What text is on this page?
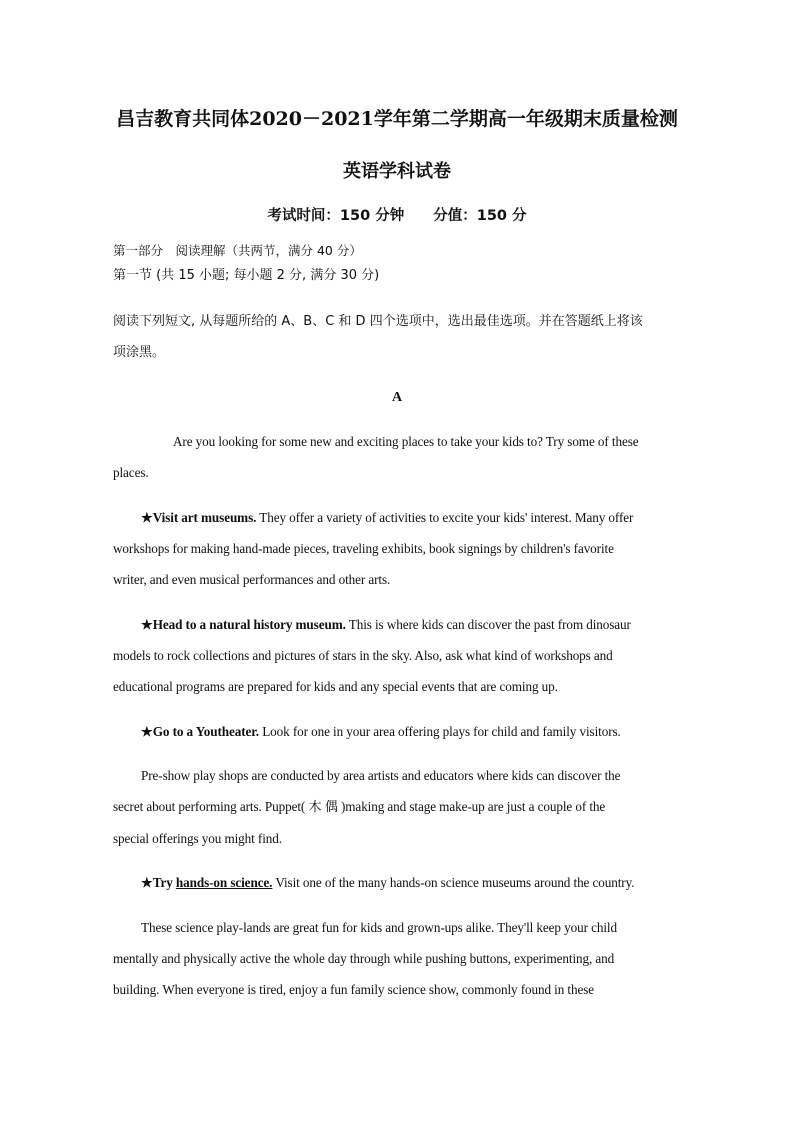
昌吉教育共同体2020－2021学年第二学期高一年级期末质量检测
英语学科试卷
考试时间：150 分钟　　分值：150 分
第一部分　阅读理解（共两节，满分 40 分）
第一节 (共 15 小题; 每小题 2 分, 满分 30 分)
阅读下列短文, 从每题所给的 A、B、C 和 D 四个选项中，选出最佳选项。并在答题纸上将该
项涂黑。
A
Are you looking for some new and exciting places to take your kids to? Try some of these
places.
★Visit art museums. They offer a variety of activities to excite your kids' interest. Many offer
workshops for making hand-made pieces, traveling exhibits, book signings by children's favorite
writer, and even musical performances and other arts.
★Head to a natural history museum. This is where kids can discover the past from dinosaur
models to rock collections and pictures of stars in the sky. Also, ask what kind of workshops and
educational programs are prepared for kids and any special events that are coming up.
★Go to a Youtheater. Look for one in your area offering plays for child and family visitors.
Pre-show play shops are conducted by area artists and educators where kids can discover the
secret about performing arts. Puppet( 木 偶 )making and stage make-up are just a couple of the
special offerings you might find.
★Try hands-on science. Visit one of the many hands-on science museums around the country.
These science play-lands are great fun for kids and grown-ups alike. They'll keep your child
mentally and physically active the whole day through while pushing buttons, experimenting, and
building. When everyone is tired, enjoy a fun family science show, commonly found in these
